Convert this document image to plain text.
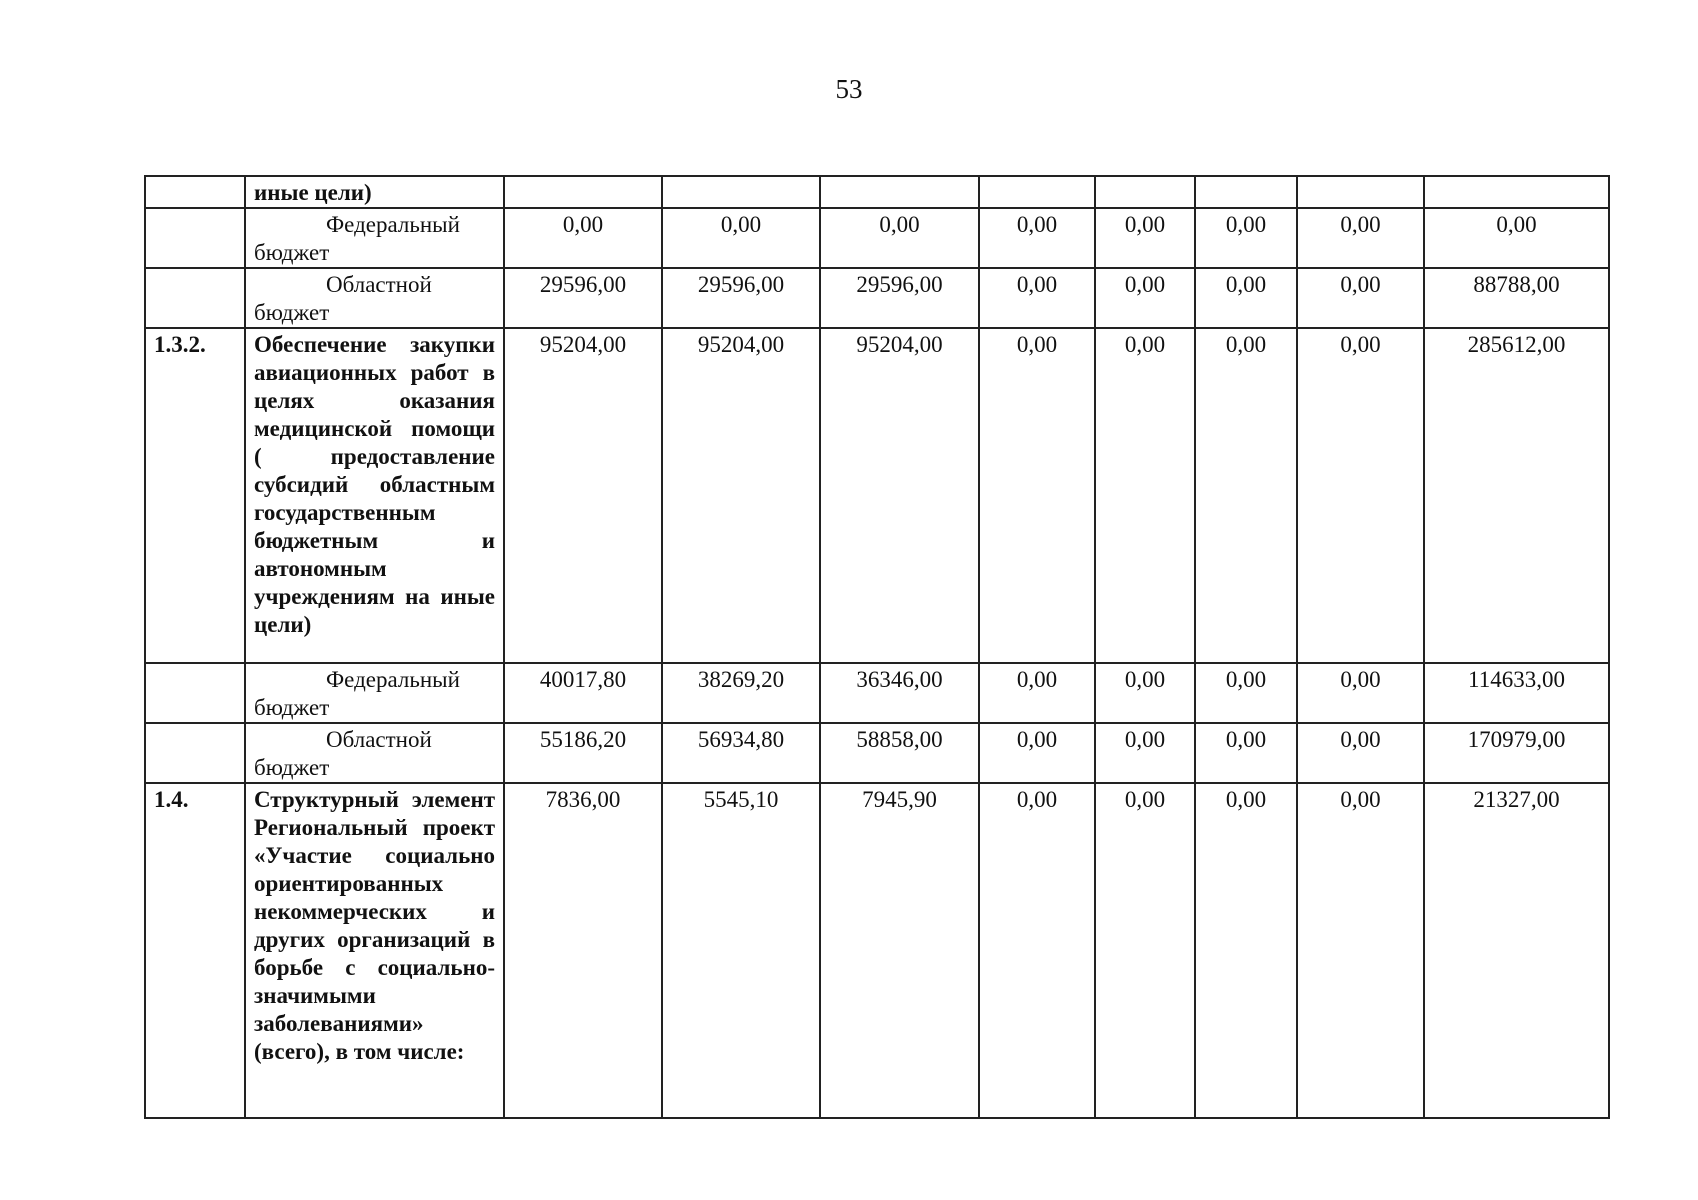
53
	иные цели)								

	Федеральный
бюджет	0,00	0,00	0,00	0,00	0,00	0,00	0,00	0,00

	Областной
бюджет	29596,00	29596,00	29596,00	0,00	0,00	0,00	0,00	88788,00
1.3.2.	Обеспечение закупки авиационных работ в целях оказания медицинской помощи ( предоставление субсидий областным государственным бюджетным и автономным учреждениям на иные цели)	95204,00	95204,00	95204,00	0,00	0,00	0,00	0,00	285612,00

	Федеральный
бюджет	40017,80	38269,20	36346,00	0,00	0,00	0,00	0,00	114633,00

	Областной
бюджет	55186,20	56934,80	58858,00	0,00	0,00	0,00	0,00	170979,00
1.4.	Структурный элемент Региональный проект «Участие социально ориентированных некоммерческих и других организаций в борьбе с социально-значимыми заболеваниями» (всего), в том числе:	7836,00	5545,10	7945,90	0,00	0,00	0,00	0,00	21327,00
